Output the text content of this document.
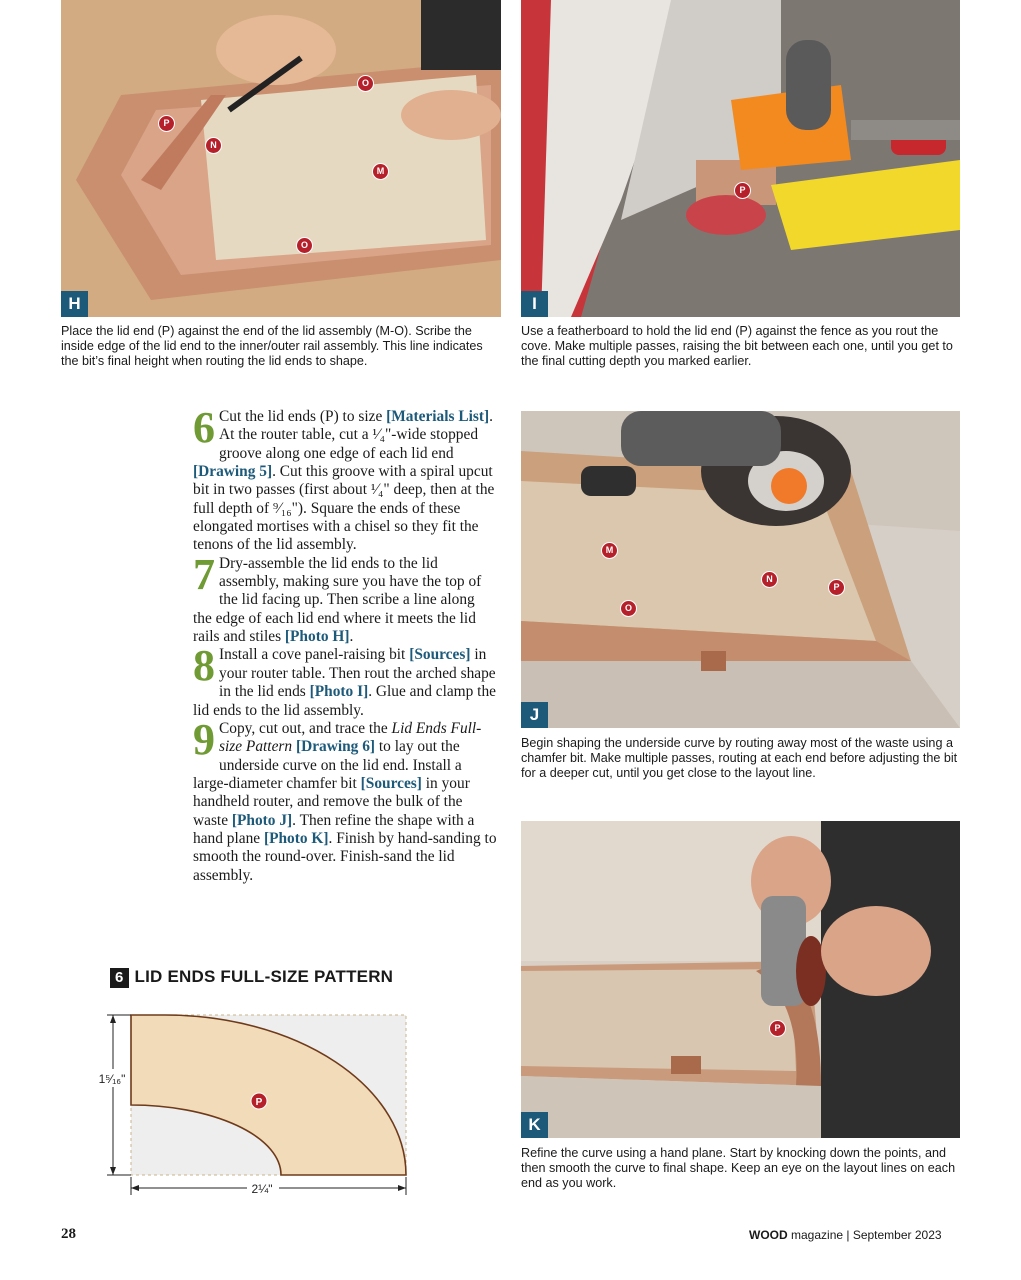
P
N
O
M
O
H
Place the lid end (P) against the end of the lid assembly (M-O). Scribe the inside edge of the lid end to the inner/outer rail assembly. This line indicates the bit’s final height when routing the lid ends to shape.
P
I
Use a featherboard to hold the lid end (P) against the fence as you rout the cove. Make multiple passes, raising the bit between each one, until you get to the final cutting depth you marked earlier.

6 Cut the lid ends (P) to size [Materials List]. At the router table, cut a ¹⁄₄"-wide stopped groove along one edge of each lid end [Drawing 5]. Cut this groove with a spiral upcut bit in two passes (first about ¹⁄₄" deep, then at the full depth of ⁹⁄₁₆"). Square the ends of these elongated mortises with a chisel so they fit the tenons of the lid assembly.

7 Dry-assemble the lid ends to the lid assembly, making sure you have the top of the lid facing up. Then scribe a line along the edge of each lid end where it meets the lid rails and stiles [Photo H].

8 Install a cove panel-raising bit [Sources] in your router table. Then rout the arched shape in the lid ends [Photo I]. Glue and clamp the lid ends to the lid assembly.

9 Copy, cut out, and trace the Lid Ends Full-size Pattern [Drawing 6] to lay out the underside curve on the lid end. Install a large-diameter chamfer bit [Sources] in your handheld router, and remove the bulk of the waste [Photo J]. Then refine the shape with a hand plane [Photo K]. Finish by hand-sanding to smooth the round-over. Finish-sand the lid assembly.

M
N
P
O
J
Begin shaping the underside curve by routing away most of the waste using a chamfer bit. Make multiple passes, routing at each end before adjusting the bit for a deeper cut, until you get close to the layout line.
P
K
Refine the curve using a hand plane. Start by knocking down the points, and then smooth the curve to final shape. Keep an eye on the layout lines on each end as you work.
6 LID ENDS FULL-SIZE PATTERN
1⁵⁄₁₆"
2¼"
P
28	WOOD magazine | September 2023
